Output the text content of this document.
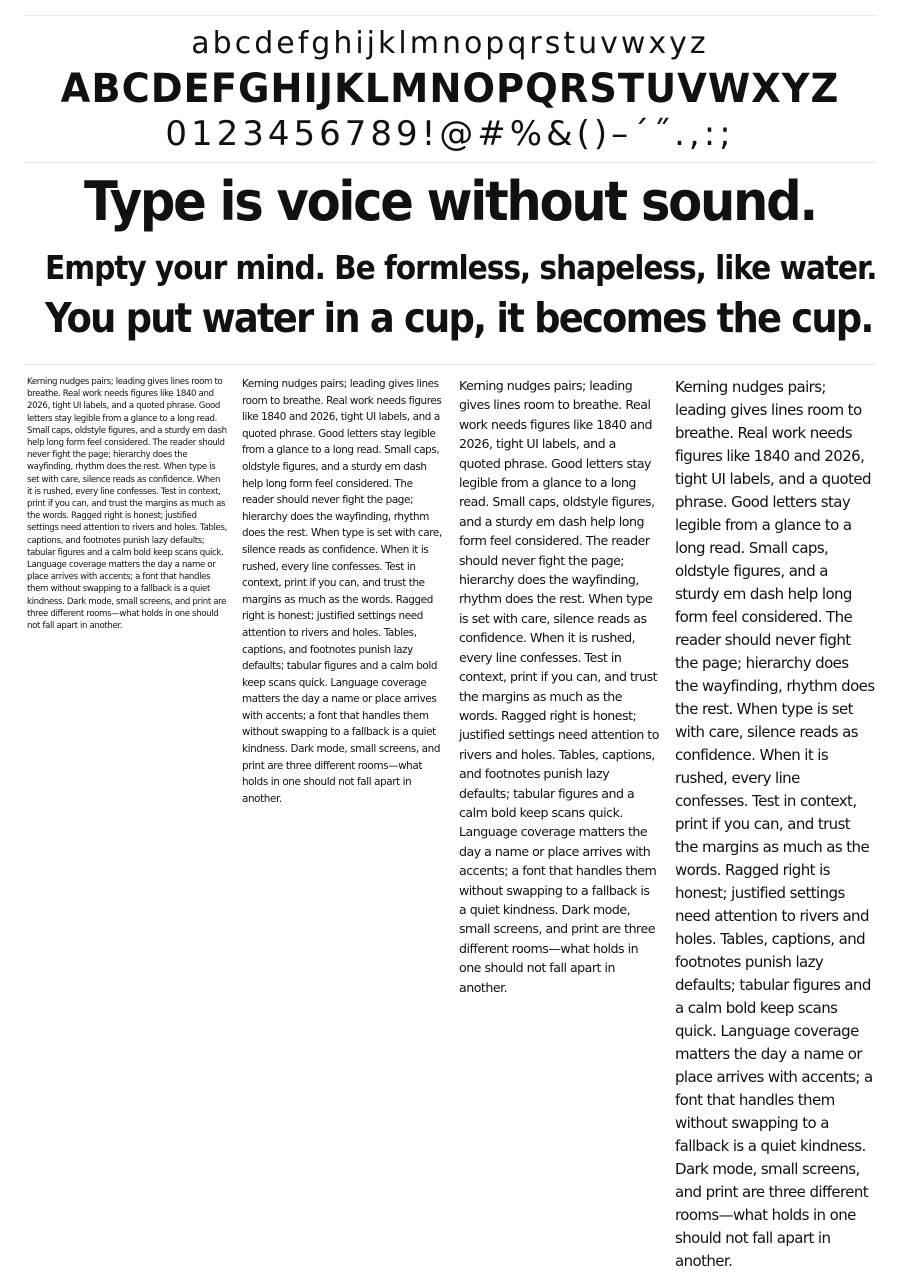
abcdefghijklmnopqrstuvwxyz
ABCDEFGHIJKLMNOPQRSTUVWXYZ
0123456789!@#%&()–´˝.,:;
Type is voice without sound.
Empty your mind. Be formless, shapeless, like water.
You put water in a cup, it becomes the cup.
Kerning nudges pairs; leading gives lines room to breathe. Real work needs figures like 1840 and 2026, tight UI labels, and a quoted phrase. Good letters stay legible from a glance to a long read. Small caps, oldstyle figures, and a sturdy em dash help long form feel considered. The reader should never fight the page; hierarchy does the wayfinding, rhythm does the rest. When type is set with care, silence reads as confidence. When it is rushed, every line confesses. Test in context, print if you can, and trust the margins as much as the words. Ragged right is honest; justified settings need attention to rivers and holes. Tables, captions, and footnotes punish lazy defaults; tabular figures and a calm bold keep scans quick. Language coverage matters the day a name or place arrives with accents; a font that handles them without swapping to a fallback is a quiet kindness. Dark mode, small screens, and print are three different rooms—what holds in one should not fall apart in another.
Kerning nudges pairs; leading gives lines room to breathe. Real work needs figures like 1840 and 2026, tight UI labels, and a quoted phrase. Good letters stay legible from a glance to a long read. Small caps, oldstyle figures, and a sturdy em dash help long form feel considered. The reader should never fight the page; hierarchy does the wayfinding, rhythm does the rest. When type is set with care, silence reads as confidence. When it is rushed, every line confesses. Test in context, print if you can, and trust the margins as much as the words. Ragged right is honest; justified settings need attention to rivers and holes. Tables, captions, and footnotes punish lazy defaults; tabular figures and a calm bold keep scans quick. Language coverage matters the day a name or place arrives with accents; a font that handles them without swapping to a fallback is a quiet kindness. Dark mode, small screens, and print are three different rooms—what holds in one should not fall apart in another.
Kerning nudges pairs; leading gives lines room to breathe. Real work needs figures like 1840 and 2026, tight UI labels, and a quoted phrase. Good letters stay legible from a glance to a long read. Small caps, oldstyle figures, and a sturdy em dash help long form feel considered. The reader should never fight the page; hierarchy does the wayfinding, rhythm does the rest. When type is set with care, silence reads as confidence. When it is rushed, every line confesses. Test in context, print if you can, and trust the margins as much as the words. Ragged right is honest; justified settings need attention to rivers and holes. Tables, captions, and footnotes punish lazy defaults; tabular figures and a calm bold keep scans quick. Language coverage matters the day a name or place arrives with accents; a font that handles them without swapping to a fallback is a quiet kindness. Dark mode, small screens, and print are three different rooms—what holds in one should not fall apart in another.
Kerning nudges pairs; leading gives lines room to breathe. Real work needs figures like 1840 and 2026, tight UI labels, and a quoted phrase. Good letters stay legible from a glance to a long read. Small caps, oldstyle figures, and a sturdy em dash help long form feel considered. The reader should never fight the page; hierarchy does the wayfinding, rhythm does the rest. When type is set with care, silence reads as confidence. When it is rushed, every line confesses. Test in context, print if you can, and trust the margins as much as the words. Ragged right is honest; justified settings need attention to rivers and holes. Tables, captions, and footnotes punish lazy defaults; tabular figures and a calm bold keep scans quick. Language coverage matters the day a name or place arrives with accents; a font that handles them without swapping to a fallback is a quiet kindness. Dark mode, small screens, and print are three different rooms—what holds in one should not fall apart in another.
